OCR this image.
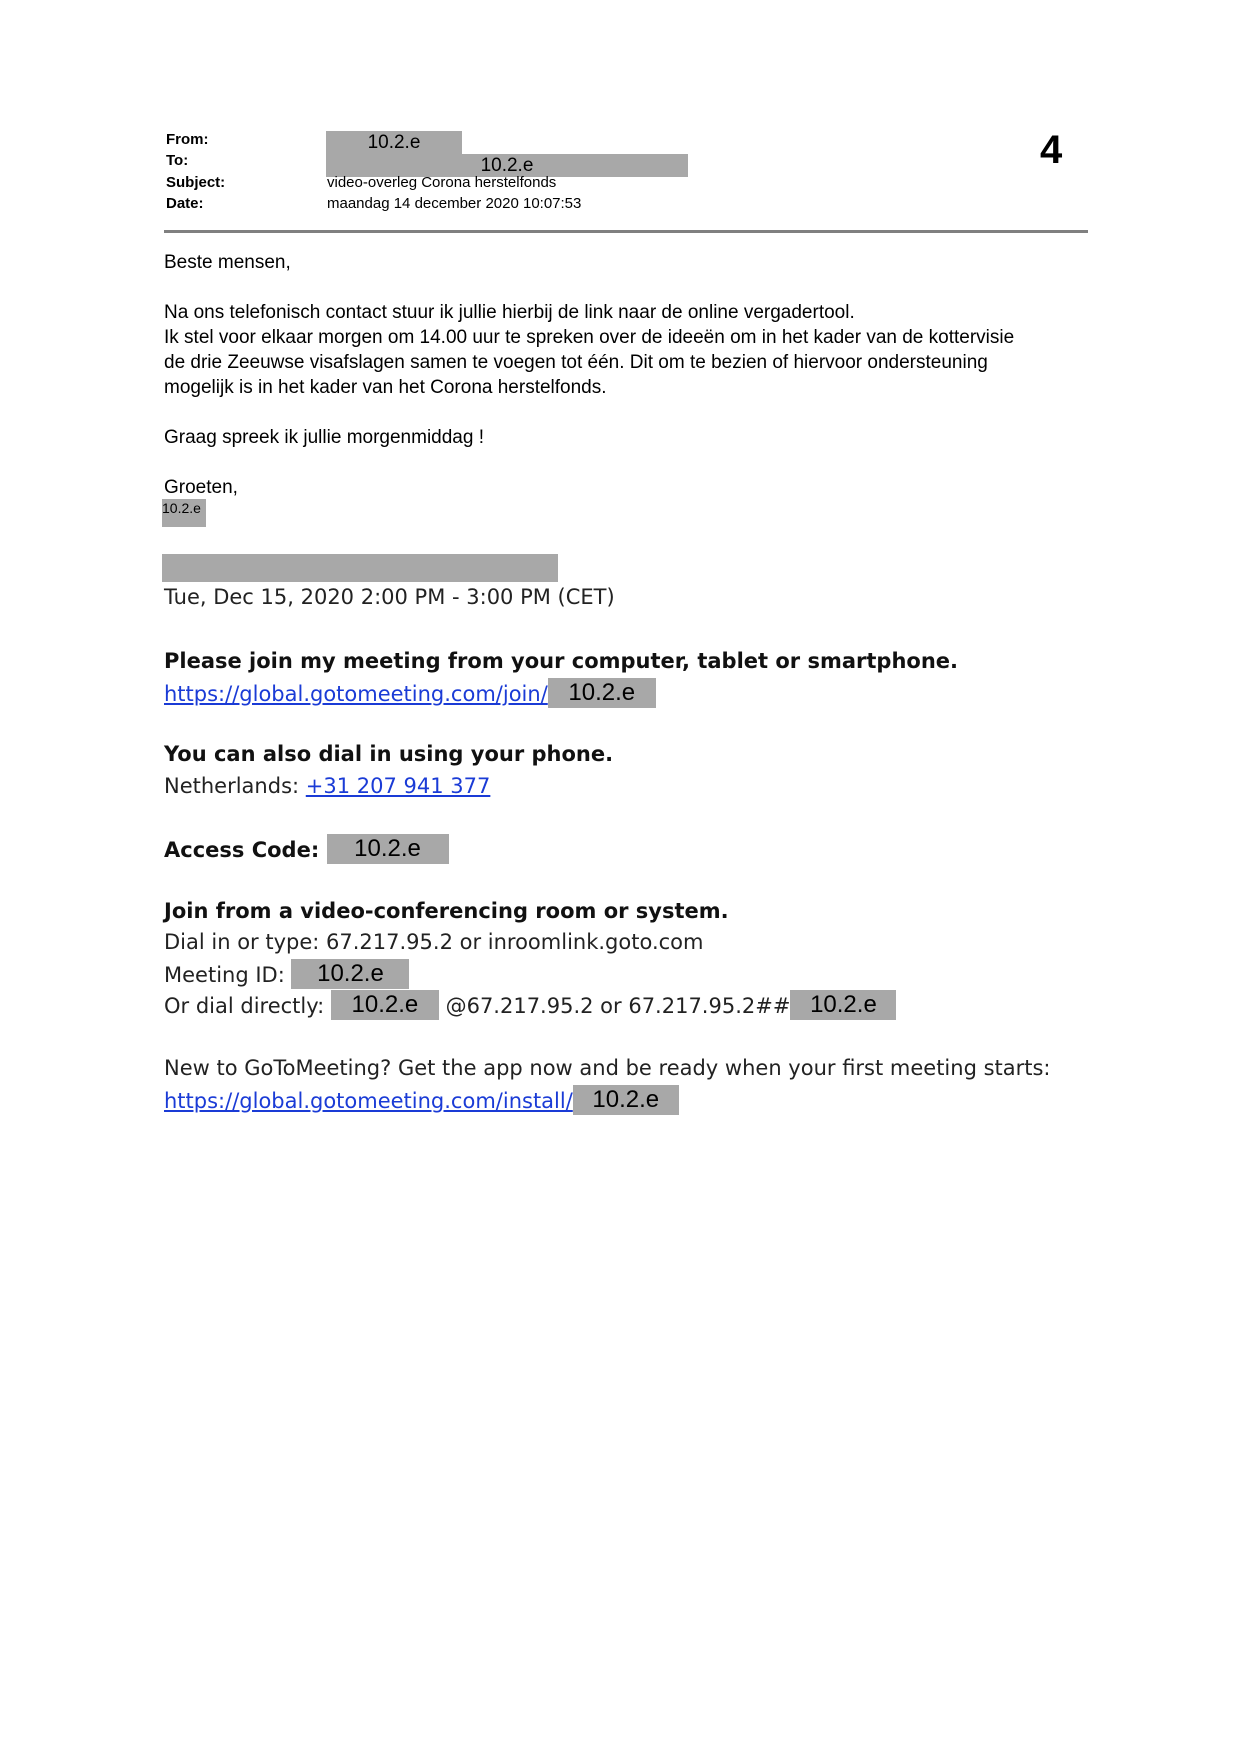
From:	10.2.e
To:	10.2.e
Subject:	video-overleg Corona herstelfonds
Date:	maandag 14 december 2020 10:07:53
4
Beste mensen,
Na ons telefonisch contact stuur ik jullie hierbij de link naar de online vergadertool.
Ik stel voor elkaar morgen om 14.00 uur te spreken over de ideeën om in het kader van de kottervisie
de drie Zeeuwse visafslagen samen te voegen tot één. Dit om te bezien of hiervoor ondersteuning
mogelijk is in het kader van het Corona herstelfonds.
Graag spreek ik jullie morgenmiddag !
Groeten,
10.2.e
Tue, Dec 15, 2020 2:00 PM - 3:00 PM (CET)
Please join my meeting from your computer, tablet or smartphone.
https://global.gotomeeting.com/join/ 10.2.e
You can also dial in using your phone.
Netherlands: +31 207 941 377
Access Code: 10.2.e
Join from a video-conferencing room or system.
Dial in or type: 67.217.95.2 or inroomlink.goto.com
Meeting ID: 10.2.e
Or dial directly: 10.2.e @67.217.95.2 or 67.217.95.2## 10.2.e
New to GoToMeeting? Get the app now and be ready when your first meeting starts:
https://global.gotomeeting.com/install/ 10.2.e
